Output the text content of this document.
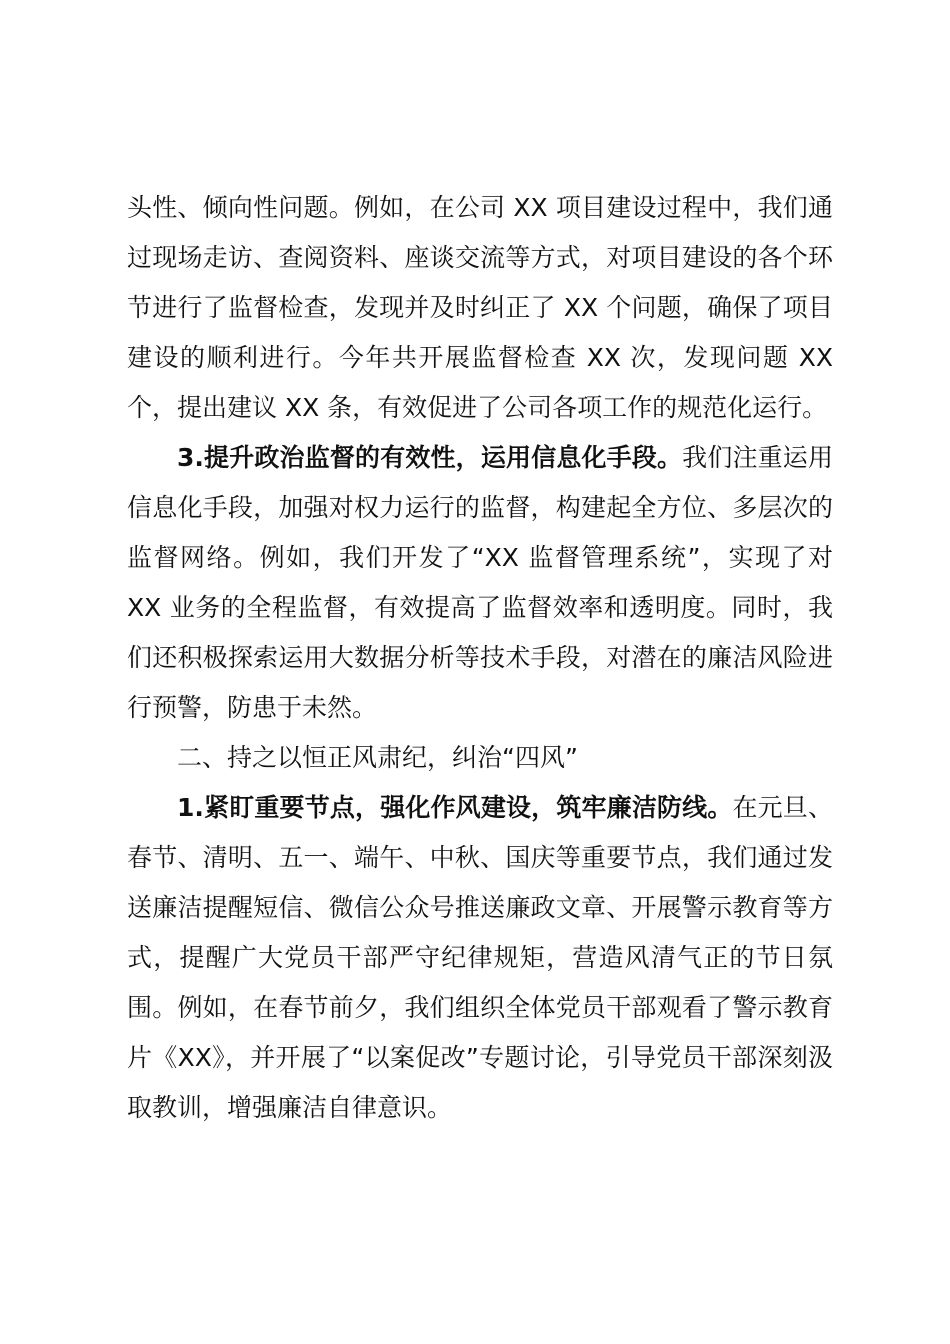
头性、倾向性问题。例如，在公司 XX 项目建设过程中，我们通过现场走访、查阅资料、座谈交流等方式，对项目建设的各个环节进行了监督检查，发现并及时纠正了 XX 个问题，确保了项目建设的顺利进行。今年共开展监督检查 XX 次，发现问题 XX 个，提出建议 XX 条，有效促进了公司各项工作的规范化运行。

3.提升政治监督的有效性，运用信息化手段。我们注重运用信息化手段，加强对权力运行的监督，构建起全方位、多层次的监督网络。例如，我们开发了“XX 监督管理系统”，实现了对 XX 业务的全程监督，有效提高了监督效率和透明度。同时，我们还积极探索运用大数据分析等技术手段，对潜在的廉洁风险进行预警，防患于未然。

二、持之以恒正风肃纪，纠治“四风”

1.紧盯重要节点，强化作风建设，筑牢廉洁防线。在元旦、春节、清明、五一、端午、中秋、国庆等重要节点，我们通过发送廉洁提醒短信、微信公众号推送廉政文章、开展警示教育等方式，提醒广大党员干部严守纪律规矩，营造风清气正的节日氛围。例如，在春节前夕，我们组织全体党员干部观看了警示教育片《XX》，并开展了“以案促改”专题讨论，引导党员干部深刻汲取教训，增强廉洁自律意识。
